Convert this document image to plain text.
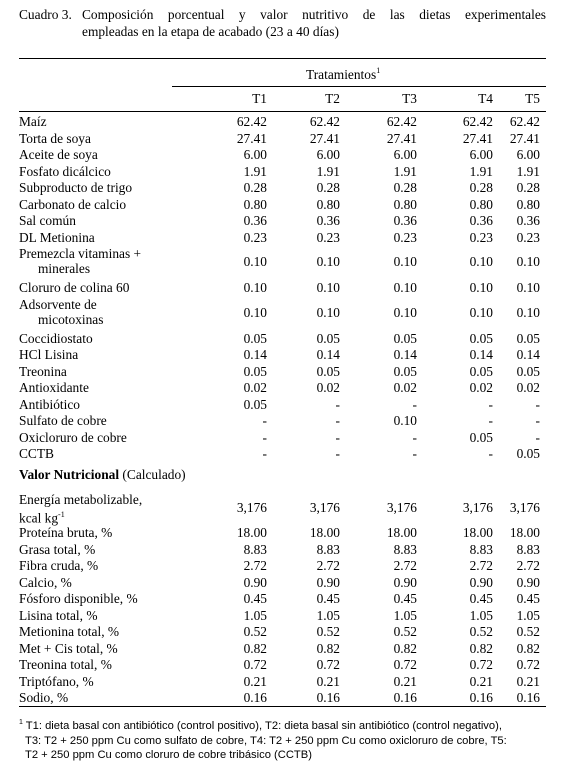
Cuadro 3. Composición porcentual y valor nutritivo de las dietas experimentales
empleadas en la etapa de acabado (23 a 40 días)
Tratamientos$^1$
T1	T2	T3	T4	T5
Maíz	62.42	62.42	62.42	62.42	62.42
Torta de soya	27.41	27.41	27.41	27.41	27.41
Aceite de soya	6.00	6.00	6.00	6.00	6.00
Fosfato dicálcico	1.91	1.91	1.91	1.91	1.91
Subproducto de trigo	0.28	0.28	0.28	0.28	0.28
Carbonato de calcio	0.80	0.80	0.80	0.80	0.80
Sal común	0.36	0.36	0.36	0.36	0.36
DL Metionina	0.23	0.23	0.23	0.23	0.23
Premezcla vitaminas +
minerales	0.10	0.10	0.10	0.10	0.10
Cloruro de colina 60	0.10	0.10	0.10	0.10	0.10
Adsorvente de
micotoxinas	0.10	0.10	0.10	0.10	0.10
Coccidiostato	0.05	0.05	0.05	0.05	0.05
HCl Lisina	0.14	0.14	0.14	0.14	0.14
Treonina	0.05	0.05	0.05	0.05	0.05
Antioxidante	0.02	0.02	0.02	0.02	0.02
Antibiótico	0.05	-	-	-	-
Sulfato de cobre	-	-	0.10	-	-
Oxicloruro de cobre	-	-	-	0.05	-
CCTB	-	-	-	-	0.05
Valor Nutricional (Calculado)
Energía metabolizable,
kcal $kg^{-1}$	3,176	3,176	3,176	3,176	3,176
Proteína bruta, %	18.00	18.00	18.00	18.00	18.00
Grasa total, %	8.83	8.83	8.83	8.83	8.83
Fibra cruda, %	2.72	2.72	2.72	2.72	2.72
Calcio, %	0.90	0.90	0.90	0.90	0.90
Fósforo disponible, %	0.45	0.45	0.45	0.45	0.45
Lisina total, %	1.05	1.05	1.05	1.05	1.05
Metionina total, %	0.52	0.52	0.52	0.52	0.52
Met + Cis total, %	0.82	0.82	0.82	0.82	0.82
Treonina total, %	0.72	0.72	0.72	0.72	0.72
Triptófano, %	0.21	0.21	0.21	0.21	0.21
Sodio, %	0.16	0.16	0.16	0.16	0.16
$^1$ T1: dieta basal con antibiótico (control positivo), T2: dieta basal sin antibiótico (control negativo),
T3: T2 + 250 ppm Cu como sulfato de cobre, T4: T2 + 250 ppm Cu como oxicloruro de cobre, T5:
T2 + 250 ppm Cu como cloruro de cobre tribásico (CCTB)
